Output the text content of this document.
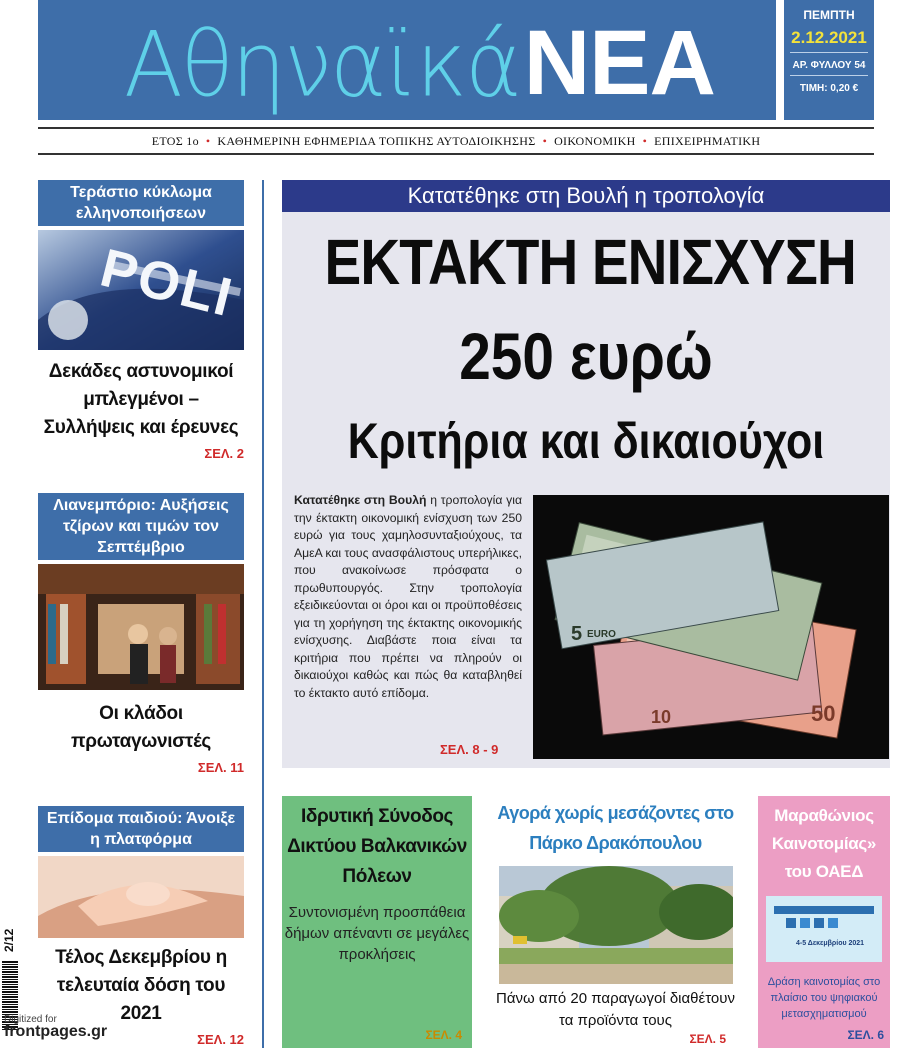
Αθηναϊκά ΝΕΑ	ΠΕΜΠΤΗ
2.12.2021
ΑΡ. ΦΥΛΛΟΥ 54
ΤΙΜΗ: 0,20 €
ΕΤΟΣ 1ο • ΚΑΘΗΜΕΡΙΝΗ ΕΦΗΜΕΡΙΔΑ ΤΟΠΙΚΗΣ ΑΥΤΟΔΙΟΙΚΗΣΗΣ • ΟΙΚΟΝΟΜΙΚΗ • ΕΠΙΧΕΙΡΗΜΑΤΙΚΗ
Τεράστιο κύκλωμα ελληνοποιήσεων
POLI
Δεκάδες αστυνομικοί μπλεγμένοι – Συλλήψεις και έρευνες
ΣΕΛ. 2
Λιανεμπόριο: Αυξήσεις τζίρων και τιμών τον Σεπτέμβριο
Οι κλάδοι πρωταγωνιστές
ΣΕΛ. 11
Επίδομα παιδιού: Άνοιξε η πλατφόρμα
Τέλος Δεκεμβρίου η τελευταία δόση του 2021
ΣΕΛ. 12
Κατατέθηκε στη Βουλή η τροπολογία
ΕΚΤΑΚΤΗ ΕΝΙΣΧΥΣΗ
250 ευρώ
Κριτήρια και δικαιούχοι
Κατατέθηκε στη Βουλή η τροπολογία για την έκτακτη οικονομική ενίσχυση των 250 ευρώ για τους χαμηλοσυνταξιούχους, τα ΑμεΑ και τους ανασφάλιστους υπερήλικες, που ανακοίνωσε πρόσφατα ο πρωθυπουργός. Στην τροπολογία εξειδικεύονται οι όροι και οι προϋποθέσεις για τη χορήγηση της έκτακτης οικονομικής ενίσχυσης. Διαβάστε ποια είναι τα κριτήρια που πρέπει να πληρούν οι δικαιούχοι καθώς και πώς θα καταβληθεί το έκτακτο αυτό επίδομα.
ΣΕΛ. 8 - 9
5 EURO
50
10
Ιδρυτική Σύνοδος Δικτύου Βαλκανικών Πόλεων
Συντονισμένη προσπάθεια δήμων απέναντι σε μεγάλες προκλήσεις
ΣΕΛ. 4
Αγορά χωρίς μεσάζοντες στο Πάρκο Δρακόπουλου
Πάνω από 20 παραγωγοί διαθέτουν τα προϊόντα τους
ΣΕΛ. 5
Μαραθώνιος Καινοτομίας» του ΟΑΕΔ
4-5 Δεκεμβρίου 2021
Δράση καινοτομίας στο πλαίσιο του ψηφιακού μετασχηματισμού
ΣΕΛ. 6
2/12
Digitized for
frontpages.gr
